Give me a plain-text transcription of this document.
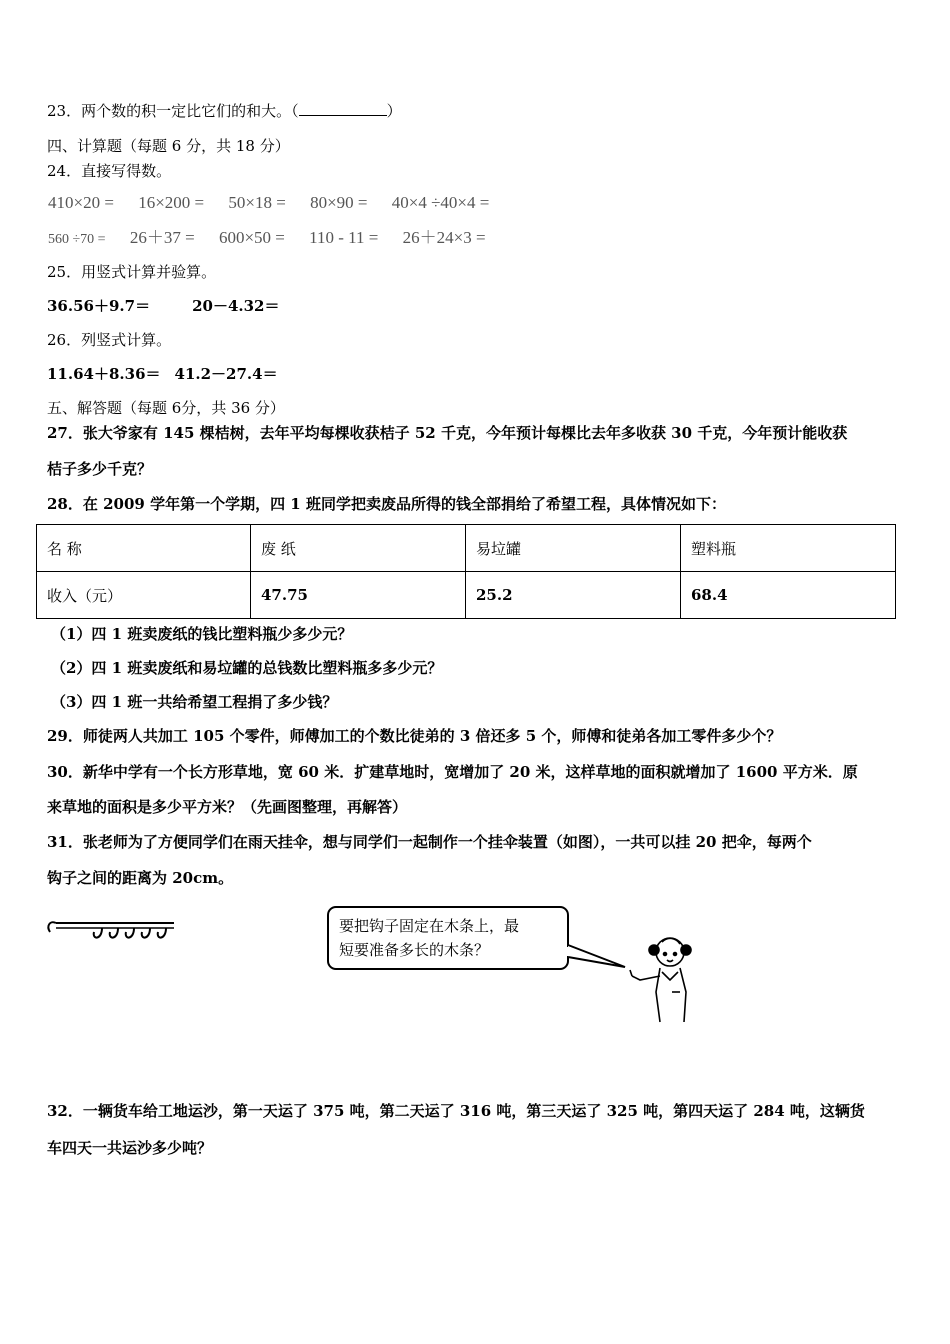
23．两个数的积一定比它们的和大。（	）
四、计算题（每题 6 分，共 18 分）
24．直接写得数。
410×20 = 16×200 = 50×18 = 80×90 = 40×4 ÷40×4 =
560 ÷70 = 26＋37 = 600×50 = 110 - 11 = 26＋24×3 =
25．用竖式计算并验算。
36.56＋9.7＝	20－4.32＝
26．列竖式计算。
11.64＋8.36＝ 41.2－27.4＝
五、解答题（每题 6分，共 36 分）
27．张大爷家有 145 棵桔树，去年平均每棵收获桔子 52 千克，今年预计每棵比去年多收获 30 千克，今年预计能收获
桔子多少千克？
28．在 2009 学年第一个学期，四 1 班同学把卖废品所得的钱全部捐给了希望工程，具体情况如下：
名 称	废 纸	易垃罐	塑料瓶
收入（元）	47.75	25.2	68.4
（1）四 1 班卖废纸的钱比塑料瓶少多少元？
（2）四 1 班卖废纸和易垃罐的总钱数比塑料瓶多多少元？
（3）四 1 班一共给希望工程捐了多少钱？
29．师徒两人共加工 105 个零件，师傅加工的个数比徒弟的 3 倍还多 5 个，师傅和徒弟各加工零件多少个？
30．新华中学有一个长方形草地，宽 60 米．扩建草地时，宽增加了 20 米，这样草地的面积就增加了 1600 平方米．原
来草地的面积是多少平方米？（先画图整理，再解答）
31．张老师为了方便同学们在雨天挂伞，想与同学们一起制作一个挂伞装置（如图），一共可以挂 20 把伞，每两个
钩子之间的距离为 20cm。
要把钩子固定在木条上，最
短要准备多长的木条？
32．一辆货车给工地运沙，第一天运了 375 吨，第二天运了 316 吨，第三天运了 325 吨，第四天运了 284 吨，这辆货
车四天一共运沙多少吨？
